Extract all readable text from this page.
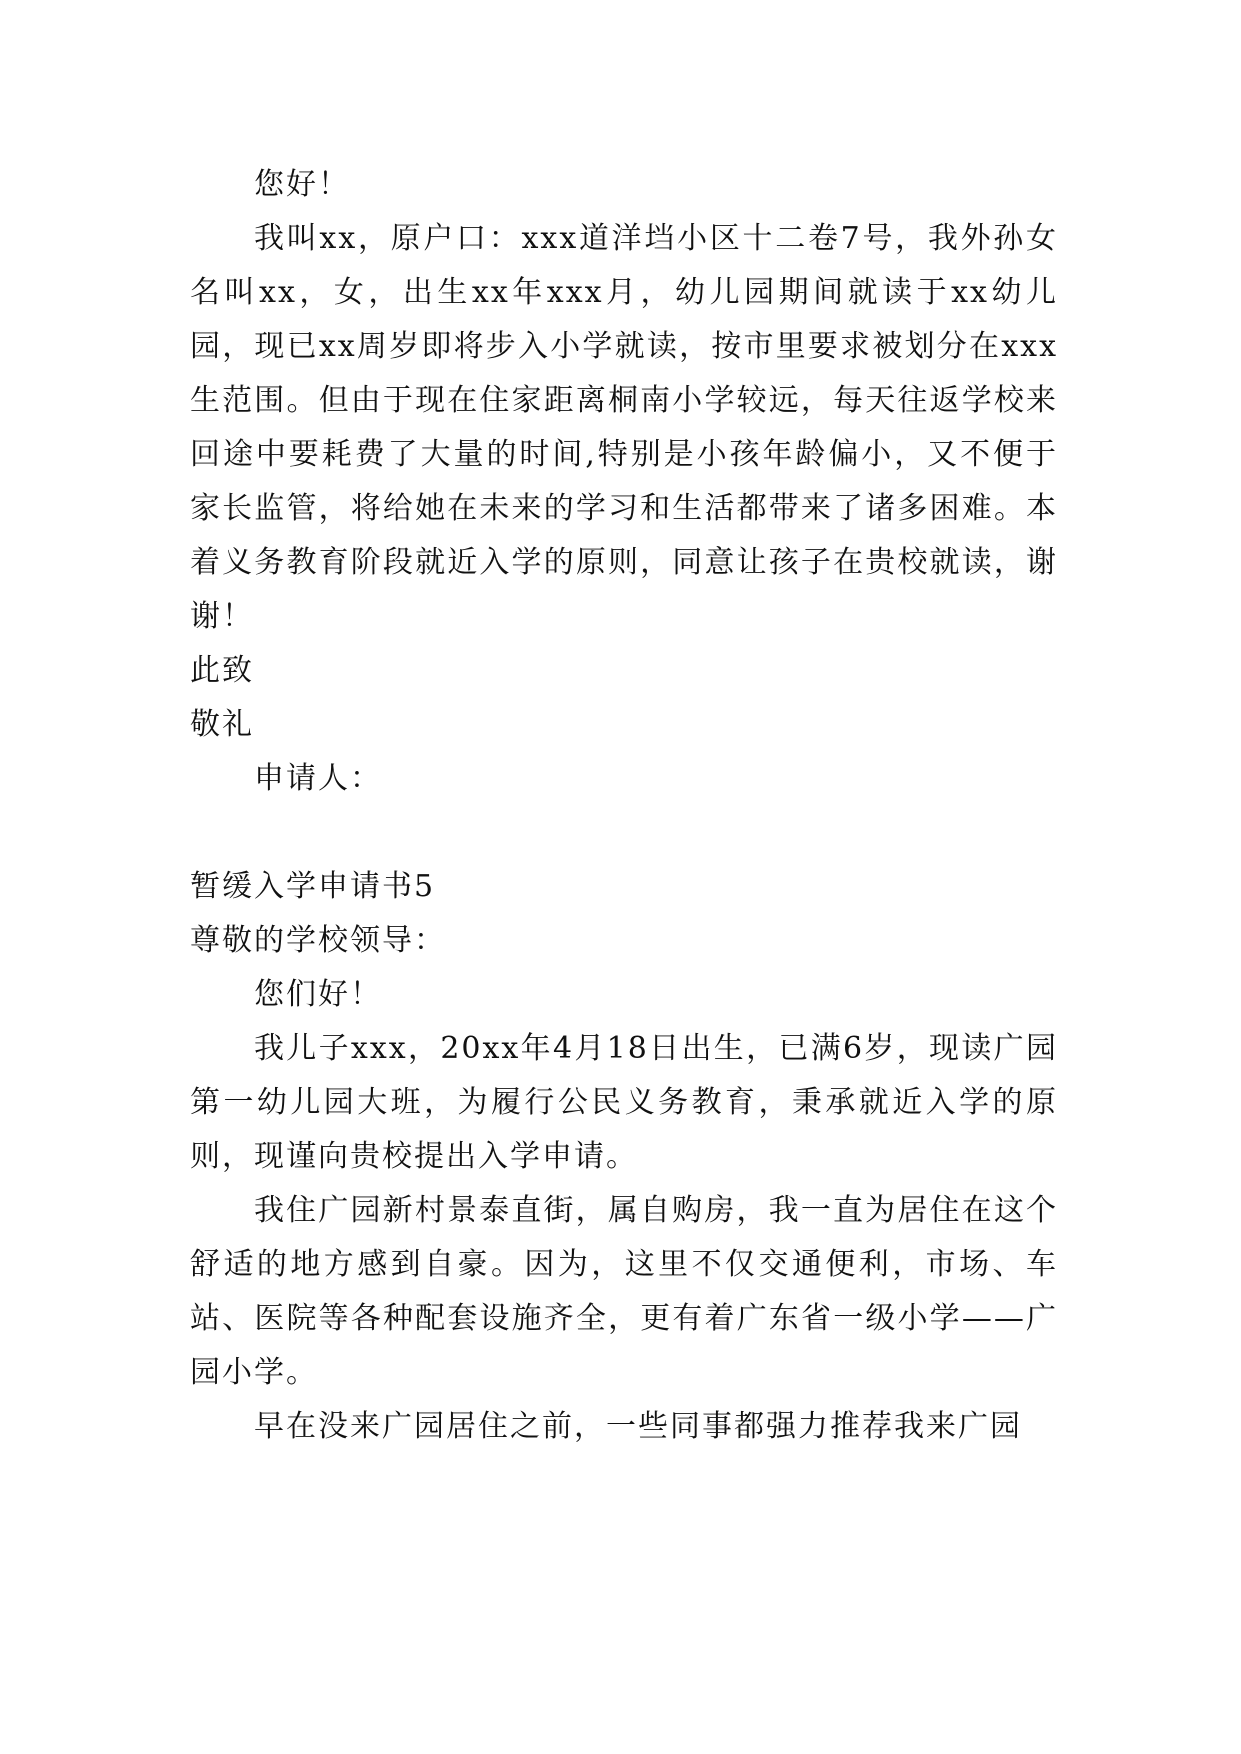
您好！

我叫xx，原户口：xxx道洋垱小区十二卷7号，我外孙女名叫xx，女，出生xx年xxx月，幼儿园期间就读于xx幼儿园，现已xx周岁即将步入小学就读，按市里要求被划分在xxx生范围。但由于现在住家距离桐南小学较远，每天往返学校来回途中要耗费了大量的时间,特别是小孩年龄偏小，又不便于家长监管，将给她在未来的学习和生活都带来了诸多困难。本着义务教育阶段就近入学的原则，同意让孩子在贵校就读，谢谢！

此致

敬礼

申请人：

暂缓入学申请书5

尊敬的学校领导：

您们好！

我儿子xxx，20xx年4月18日出生，已满6岁，现读广园第一幼儿园大班，为履行公民义务教育，秉承就近入学的原则，现谨向贵校提出入学申请。

我住广园新村景泰直街，属自购房，我一直为居住在这个舒适的地方感到自豪。因为，这里不仅交通便利，市场、车站、医院等各种配套设施齐全，更有着广东省一级小学——广园小学。

早在没来广园居住之前，一些同事都强力推荐我来广园
